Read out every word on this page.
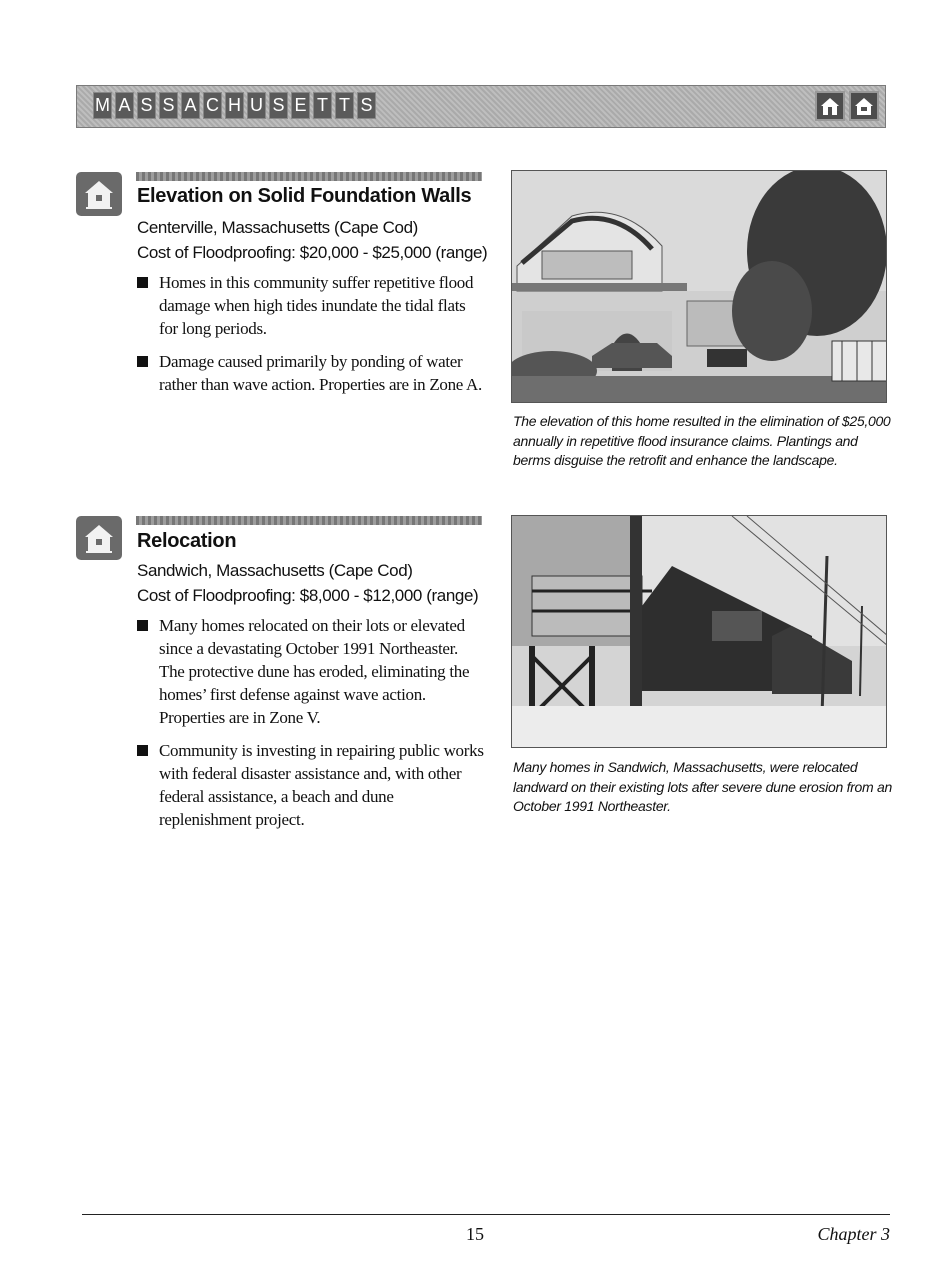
M A S S A C H U S E T T S
Elevation on Solid Foundation Walls
Centerville, Massachusetts (Cape Cod)
Cost of Floodproofing: $20,000 - $25,000 (range)
Homes in this community suffer repetitive flood damage when high tides inundate the tidal flats for long periods.
Damage caused primarily by ponding of water rather than wave action. Properties are in Zone A.
The elevation of this home resulted in the elimination of $25,000 annually in repetitive flood insurance claims. Plantings and berms disguise the retrofit and enhance the landscape.
Relocation
Sandwich, Massachusetts (Cape Cod)
Cost of Floodproofing: $8,000 - $12,000 (range)
Many homes relocated on their lots or elevated since a devastating October 1991 Northeaster. The protective dune has eroded, eliminating the homes’ first defense against wave action. Properties are in Zone V.
Community is investing in repairing public works with federal disaster assistance and, with other federal assistance, a beach and dune replenishment project.
Many homes in Sandwich, Massachusetts, were relocated landward on their existing lots after severe dune erosion from an October 1991 Northeaster.
15	Chapter 3
